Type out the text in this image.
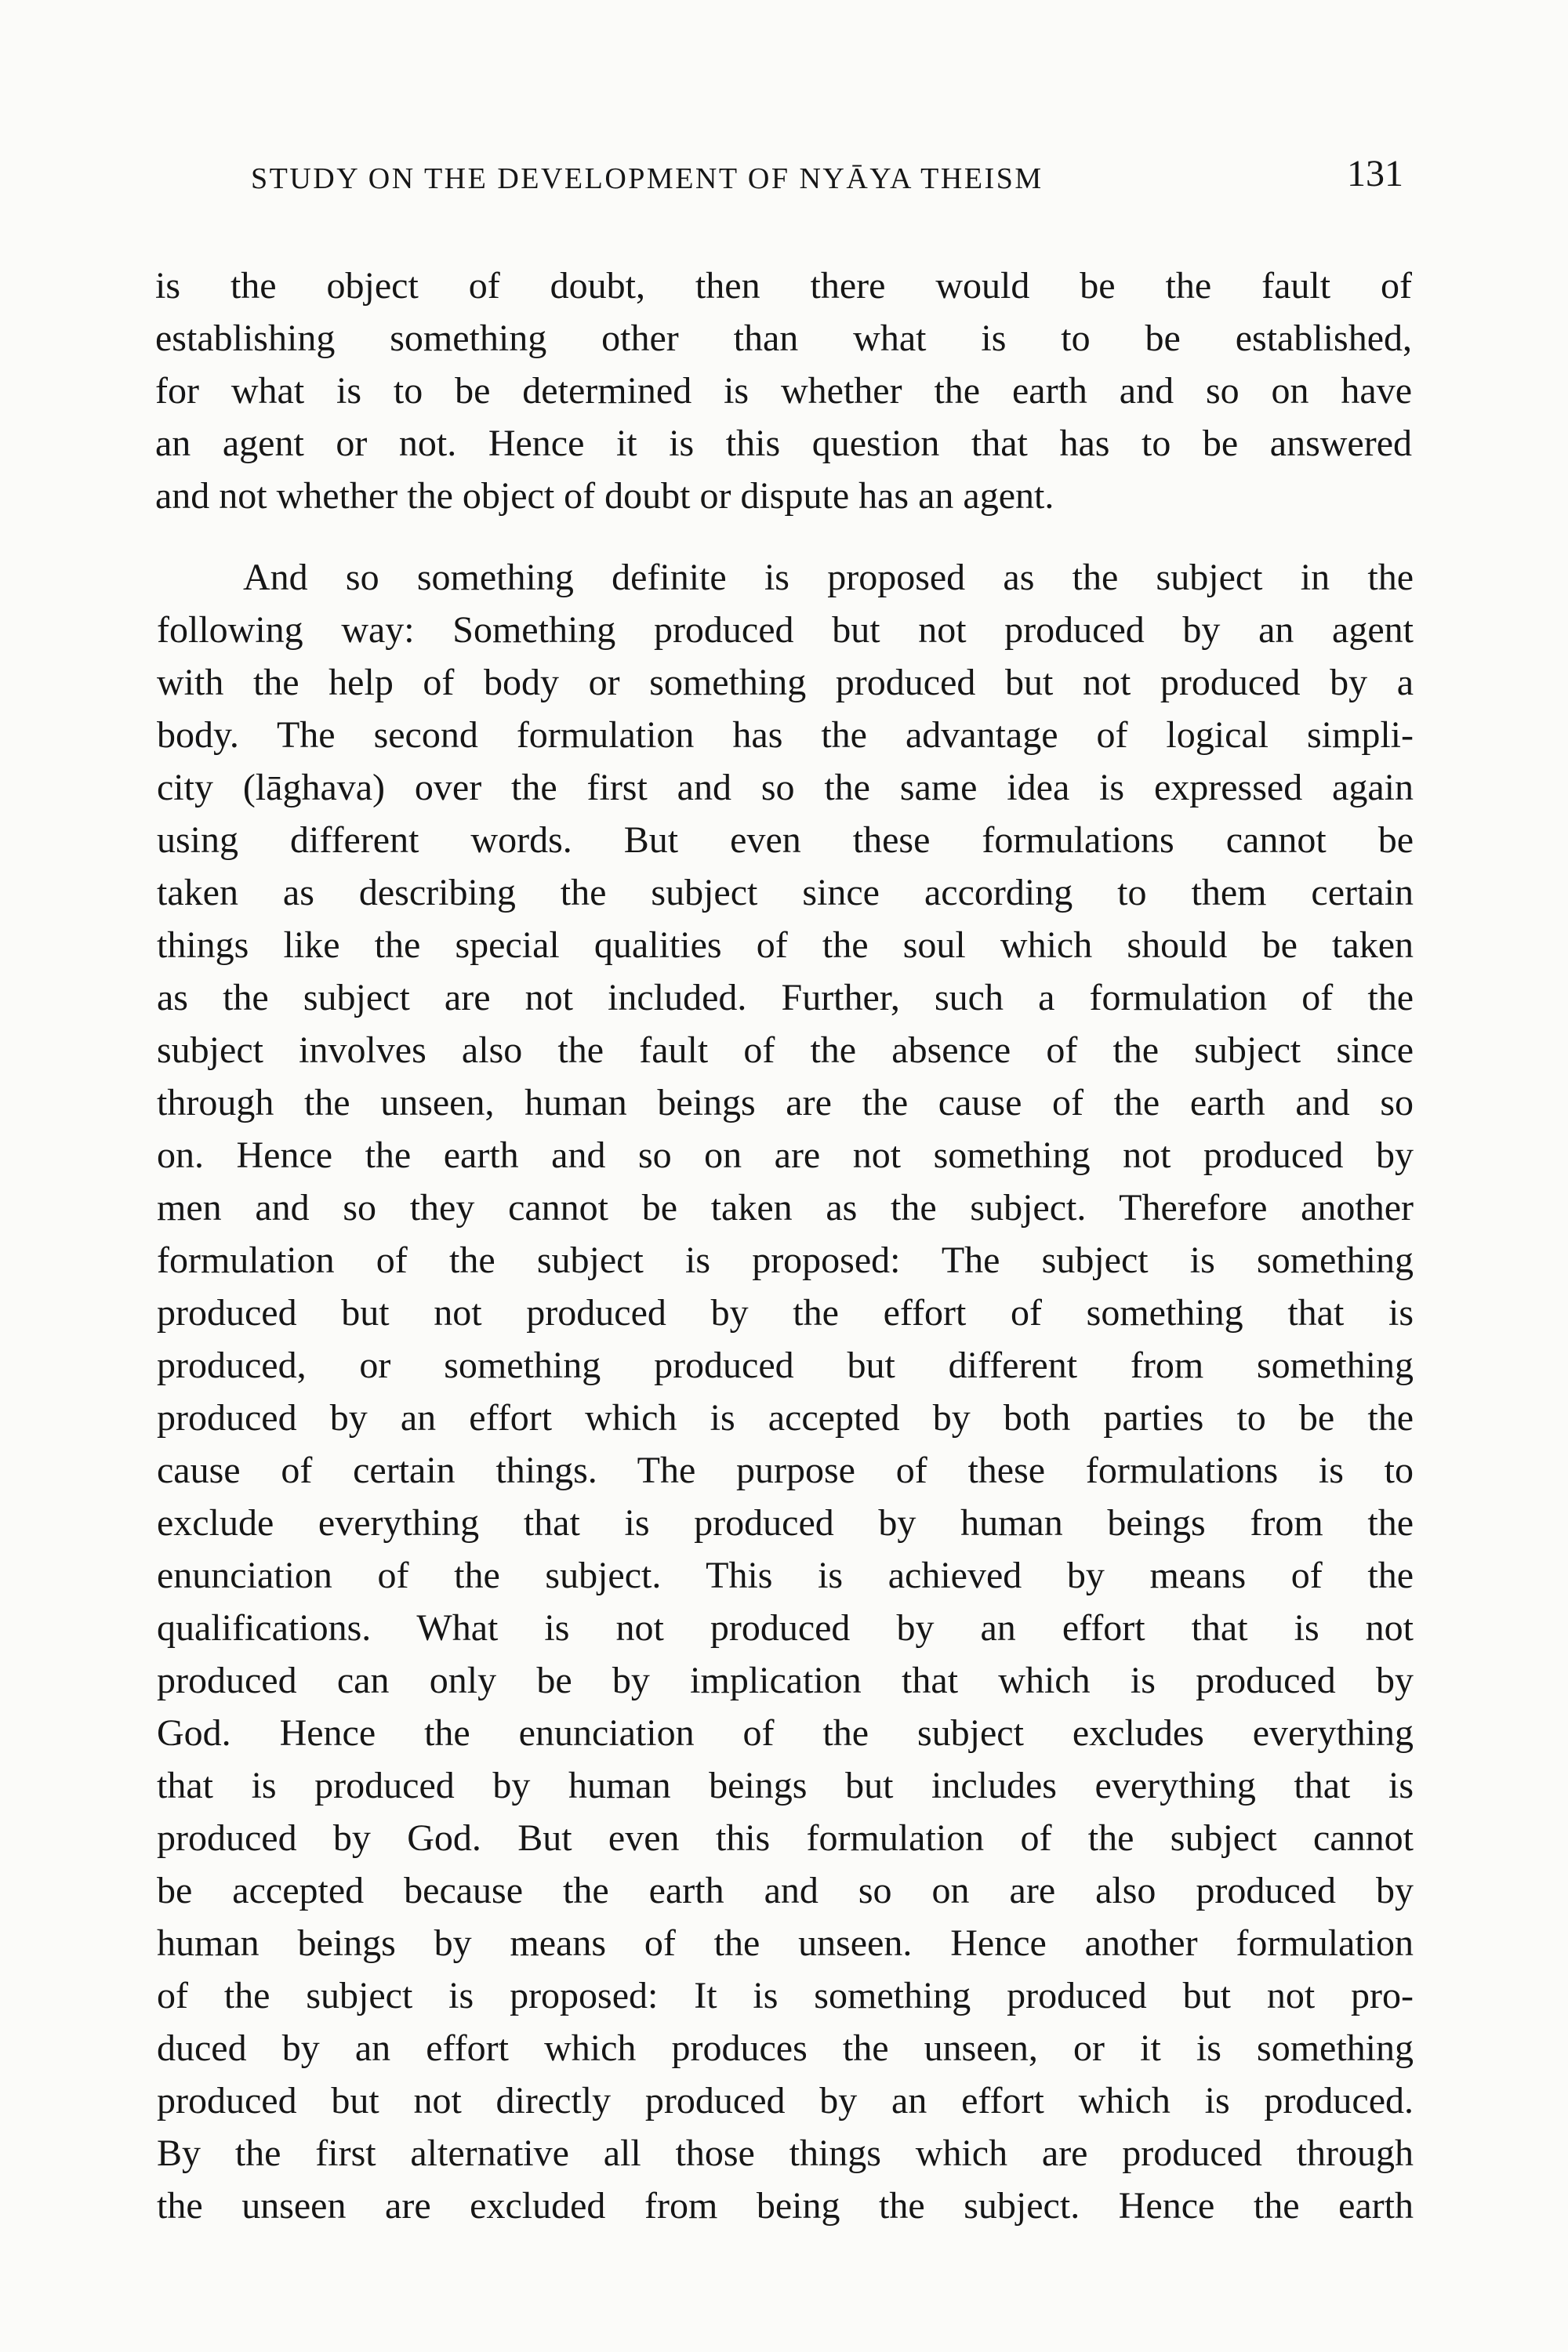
STUDY ON THE DEVELOPMENT OF NYĀYA THEISM	131
is the object of doubt, then there would be the fault of
establishing something other than what is to be established,
for what is to be determined is whether the earth and so on have
an agent or not. Hence it is this question that has to be answered
and not whether the object of doubt or dispute has an agent.
And so something definite is proposed as the subject in the
following way: Something produced but not produced by an agent
with the help of body or something produced but not produced by a
body. The second formulation has the advantage of logical simpli-
city (lāghava) over the first and so the same idea is expressed again
using different words. But even these formulations cannot be
taken as describing the subject since according to them certain
things like the special qualities of the soul which should be taken
as the subject are not included. Further, such a formulation of the
subject involves also the fault of the absence of the subject since
through the unseen, human beings are the cause of the earth and so
on. Hence the earth and so on are not something not produced by
men and so they cannot be taken as the subject. Therefore another
formulation of the subject is proposed: The subject is something
produced but not produced by the effort of something that is
produced, or something produced but different from something
produced by an effort which is accepted by both parties to be the
cause of certain things. The purpose of these formulations is to
exclude everything that is produced by human beings from the
enunciation of the subject. This is achieved by means of the
qualifications. What is not produced by an effort that is not
produced can only be by implication that which is produced by
God. Hence the enunciation of the subject excludes everything
that is produced by human beings but includes everything that is
produced by God. But even this formulation of the subject cannot
be accepted because the earth and so on are also produced by
human beings by means of the unseen. Hence another formulation
of the subject is proposed: It is something produced but not pro-
duced by an effort which produces the unseen, or it is something
produced but not directly produced by an effort which is produced.
By the first alternative all those things which are produced through
the unseen are excluded from being the subject. Hence the earth
